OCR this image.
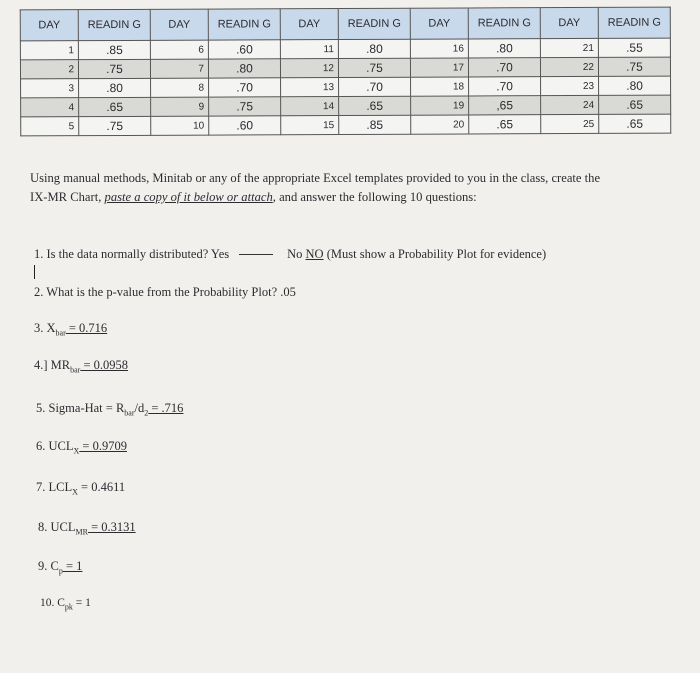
DAY	READIN G	DAY	READIN G	DAY	READIN G	DAY	READIN G	DAY	READIN G
1	.85	6	.60	11	.80	16	.80	21	.55
2	.75	7	.80	12	.75	17	.70	22	.75
3	.80	8	.70	13	.70	18	.70	23	.80
4	.65	9	.75	14	.65	19	,65	24	.65
5	.75	10	.60	15	.85	20	.65	25	.65
Using manual methods, Minitab or any of the appropriate Excel templates provided to you in the class, create the
IX-MR Chart, paste a copy of it below or attach, and answer the following 10 questions:
1. Is the data normally distributed? Yes	No NO (Must show a Probability Plot for evidence)
2. What is the p-value from the Probability Plot? .05
3. $X_{bar} = 0.716$
4.] $MR_{bar} = 0.0958$
5. Sigma-Hat = $R_{bar}/d_2 = .716$
6. $UCL_X = 0.9709$
7. $LCL_X = 0.4611$
8. $UCL_{MR} = 0.3131$
9. $C_p = 1$
10. $C_{pk} = 1$
